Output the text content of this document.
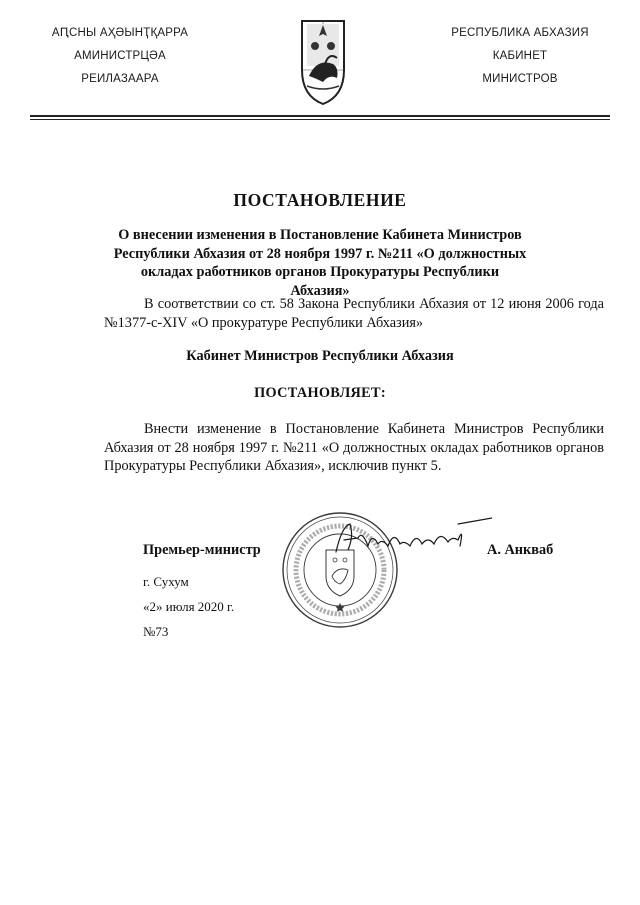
АԤСНЫ АҲӘЫНҬҚАРРА
АМИНИСТРЦӘА
РЕИЛАЗААРА
РЕСПУБЛИКА АБХАЗИЯ
КАБИНЕТ
МИНИСТРОВ
ПОСТАНОВЛЕНИЕ
О внесении изменения в Постановление Кабинета Министров Республики Абхазия от 28 ноября 1997 г. №211 «О должностных окладах работников органов Прокуратуры Республики Абхазия»
В соответствии со ст. 58 Закона Республики Абхазия от 12 июня 2006 года №1377-с-XIV «О прокуратуре Республики Абхазия»
Кабинет Министров Республики Абхазия
ПОСТАНОВЛЯЕТ:
Внести изменение в Постановление Кабинета Министров Республики Абхазия от 28 ноября 1997 г. №211 «О должностных окладах работников органов Прокуратуры Республики Абхазия», исключив пункт 5.
Премьер-министр	А. Анкваб
г. Сухум
«2» июля 2020 г.
№73
